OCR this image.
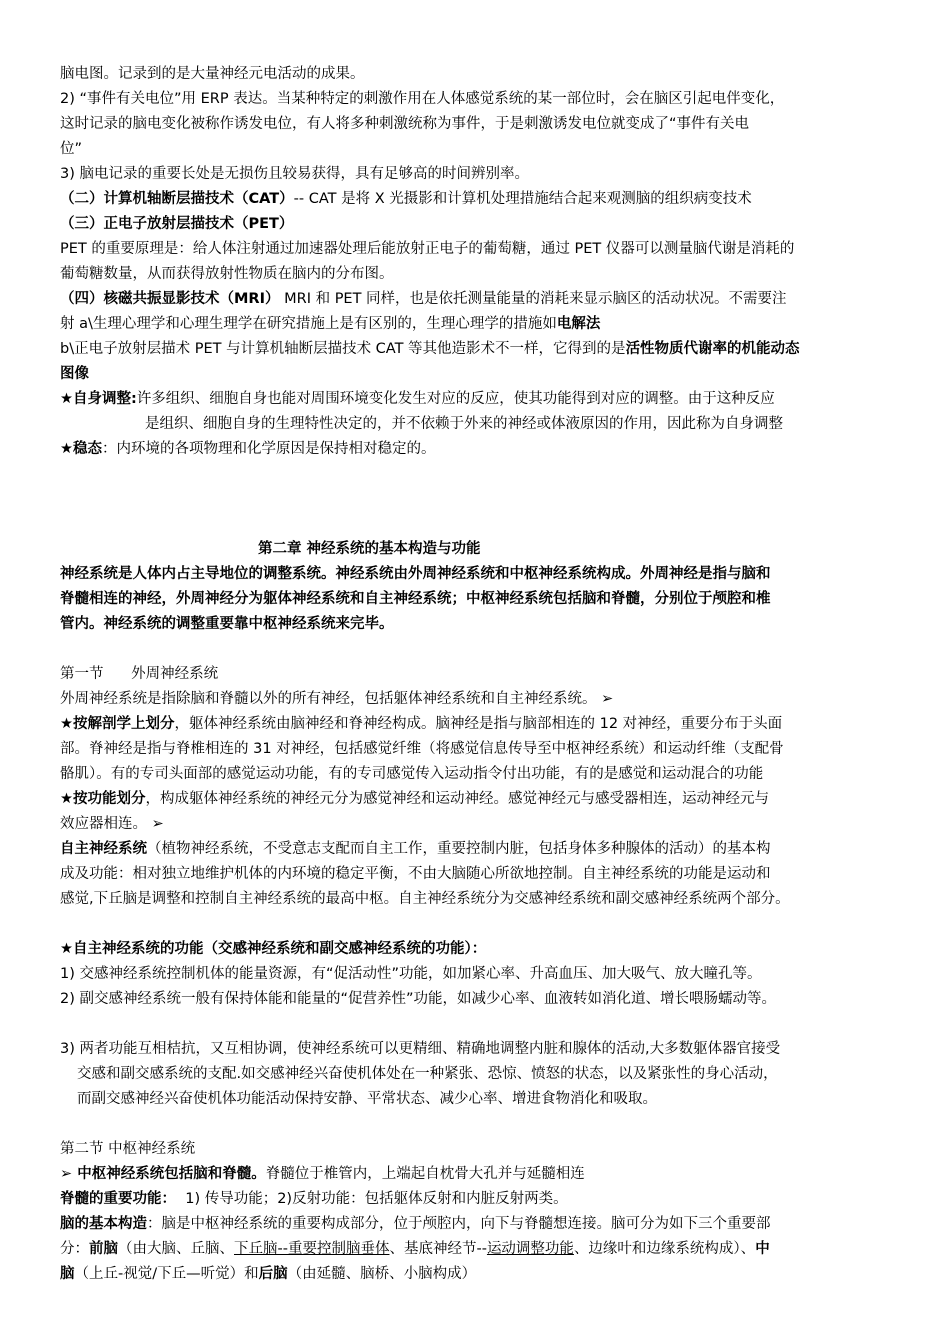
脑电图。记录到的是大量神经元电活动的成果。
2) “事件有关电位”用 ERP 表达。当某种特定的刺激作用在人体感觉系统的某一部位时，会在脑区引起电伴变化，
这时记录的脑电变化被称作诱发电位，有人将多种刺激统称为事件，于是刺激诱发电位就变成了“事件有关电
位”
3) 脑电记录的重要长处是无损伤且较易获得，具有足够高的时间辨别率。
（二）计算机轴断层描技术（CAT）-- CAT 是将 X 光摄影和计算机处理措施结合起来观测脑的组织病变技术
（三）正电子放射层描技术（PET）
PET 的重要原理是：给人体注射通过加速器处理后能放射正电子的葡萄糖，通过 PET 仪器可以测量脑代谢是消耗的
葡萄糖数量，从而获得放射性物质在脑内的分布图。
（四）核磁共振显影技术（MRI） MRI 和 PET 同样，也是依托测量能量的消耗来显示脑区的活动状况。不需要注
射 a\生理心理学和心理生理学在研究措施上是有区别的，生理心理学的措施如电解法
b\正电子放射层描术 PET 与计算机轴断层描技术 CAT 等其他造影术不一样，它得到的是活性物质代谢率的机能动态
图像
★自身调整:许多组织、细胞自身也能对周围环境变化发生对应的反应，使其功能得到对应的调整。由于这种反应
是组织、细胞自身的生理特性决定的，并不依赖于外来的神经或体液原因的作用，因此称为自身调整
★稳态：内环境的各项物理和化学原因是保持相对稳定的。
第二章 神经系统的基本构造与功能
神经系统是人体内占主导地位的调整系统。神经系统由外周神经系统和中枢神经系统构成。外周神经是指与脑和
脊髓相连的神经，外周神经分为躯体神经系统和自主神经系统；中枢神经系统包括脑和脊髓，分别位于颅腔和椎
管内。神经系统的调整重要靠中枢神经系统来完毕。
第一节      外周神经系统
外周神经系统是指除脑和脊髓以外的所有神经，包括躯体神经系统和自主神经系统。 ➢
★按解剖学上划分，躯体神经系统由脑神经和脊神经构成。脑神经是指与脑部相连的 12 对神经，重要分布于头面
部。脊神经是指与脊椎相连的 31 对神经，包括感觉纤维（将感觉信息传导至中枢神经系统）和运动纤维（支配骨
骼肌）。有的专司头面部的感觉运动功能，有的专司感觉传入运动指令付出功能，有的是感觉和运动混合的功能
★按功能划分，构成躯体神经系统的神经元分为感觉神经和运动神经。感觉神经元与感受器相连，运动神经元与
效应器相连。 ➢
自主神经系统（植物神经系统，不受意志支配而自主工作，重要控制内脏，包括身体多种腺体的活动）的基本构
成及功能：相对独立地维护机体的内环境的稳定平衡，不由大脑随心所欲地控制。自主神经系统的功能是运动和
感觉,下丘脑是调整和控制自主神经系统的最高中枢。自主神经系统分为交感神经系统和副交感神经系统两个部分。
★自主神经系统的功能（交感神经系统和副交感神经系统的功能）：
1) 交感神经系统控制机体的能量资源，有“促活动性”功能，如加紧心率、升高血压、加大吸气、放大瞳孔等。
2) 副交感神经系统一般有保持体能和能量的“促营养性”功能，如减少心率、血液转如消化道、增长喂肠蠕动等。
3) 两者功能互相桔抗，又互相协调，使神经系统可以更精细、精确地调整内脏和腺体的活动,大多数躯体器官接受
交感和副交感系统的支配.如交感神经兴奋使机体处在一种紧张、恐惊、愤怒的状态，以及紧张性的身心活动，
而副交感神经兴奋使机体功能活动保持安静、平常状态、减少心率、增进食物消化和吸取。
第二节 中枢神经系统
➢ 中枢神经系统包括脑和脊髓。脊髓位于椎管内，上端起自枕骨大孔并与延髓相连
脊髓的重要功能：  1) 传导功能；2)反射功能：包括躯体反射和内脏反射两类。
脑的基本构造：脑是中枢神经系统的重要构成部分，位于颅腔内，向下与脊髓想连接。脑可分为如下三个重要部
分：前脑（由大脑、丘脑、下丘脑--重要控制脑垂体、基底神经节--运动调整功能、边缘叶和边缘系统构成）、中
脑（上丘-视觉/下丘—听觉）和后脑（由延髓、脑桥、小脑构成）
